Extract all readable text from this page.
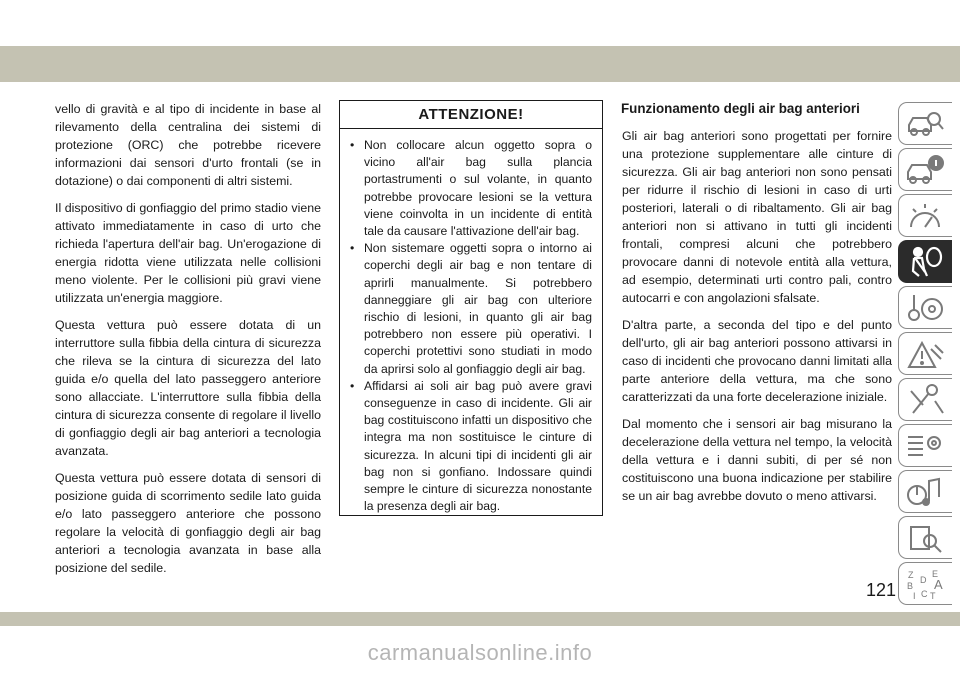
vello di gravità e al tipo di incidente in base al rilevamento della centralina dei sistemi di protezione (ORC) che potrebbe ricevere informazioni dai sensori d'urto frontali (se in dotazione) o dai componenti di altri sistemi.

Il dispositivo di gonfiaggio del primo stadio viene attivato immediatamente in caso di urto che richieda l'apertura dell'air bag. Un'erogazione di energia ridotta viene utilizzata nelle collisioni meno violente. Per le collisioni più gravi viene utilizzata un'energia maggiore.

Questa vettura può essere dotata di un interruttore sulla fibbia della cintura di sicurezza che rileva se la cintura di sicurezza del lato guida e/o quella del lato passeggero anteriore sono allacciate. L'interruttore sulla fibbia della cintura di sicurezza consente di regolare il livello di gonfiaggio degli air bag anteriori a tecnologia avanzata.

Questa vettura può essere dotata di sensori di posizione guida di scorrimento sedile lato guida e/o lato passeggero anteriore che possono regolare la velocità di gonfiaggio degli air bag anteriori a tecnologia avanzata in base alla posizione del sedile.

ATTENZIONE!
• Non collocare alcun oggetto sopra o vicino all'air bag sulla plancia portastrumenti o sul volante, in quanto potrebbe provocare lesioni se la vettura viene coinvolta in un incidente di entità tale da causare l'attivazione dell'air bag.
• Non sistemare oggetti sopra o intorno ai coperchi degli air bag e non tentare di aprirli manualmente. Si potrebbero danneggiare gli air bag con ulteriore rischio di lesioni, in quanto gli air bag potrebbero non essere più operativi. I coperchi protettivi sono studiati in modo da aprirsi solo al gonfiaggio degli air bag.
• Affidarsi ai soli air bag può avere gravi conseguenze in caso di incidente. Gli air bag costituiscono infatti un dispositivo che integra ma non sostituisce le cinture di sicurezza. In alcuni tipi di incidenti gli air bag non si gonfiano. Indossare quindi sempre le cinture di sicurezza nonostante la presenza degli air bag.
Funzionamento degli air bag anteriori

Gli air bag anteriori sono progettati per fornire una protezione supplementare alle cinture di sicurezza. Gli air bag anteriori non sono pensati per ridurre il rischio di lesioni in caso di urti posteriori, laterali o di ribaltamento. Gli air bag anteriori non si attivano in tutti gli incidenti frontali, compresi alcuni che potrebbero provocare danni di notevole entità alla vettura, ad esempio, determinati urti contro pali, contro autocarri e con angolazioni sfalsate.

D'altra parte, a seconda del tipo e del punto dell'urto, gli air bag anteriori possono attivarsi in caso di incidenti che provocano danni limitati alla parte anteriore della vettura, ma che sono caratterizzati da una forte decelerazione iniziale.

Dal momento che i sensori air bag misurano la decelerazione della vettura nel tempo, la velocità della vettura e i danni subiti, di per sé non costituiscono una buona indicazione per stabilire se un air bag avrebbe dovuto o meno attivarsi.

Z E
B A
D
I C T
121
carmanualsonline.info
